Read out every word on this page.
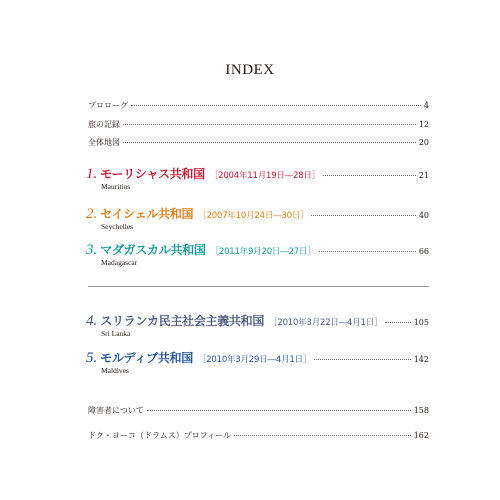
INDEX
プロローグ	4
旅の記録	12
全体地図	20
1. モーリシャス共和国 ［2004年11月19日―28日］	21
Mauritius
2. セイシェル共和国 ［2007年10月24日―30日］	40
Seychelles
3. マダガスカル共和国 ［2011年9月20日―27日］	66
Madagascar
4. スリランカ民主社会主義共和国 ［2010年3月22日―4月1日］	105
Sri Lanka
5. モルディブ共和国 ［2010年3月29日―4月1日］	142
Maldives
障害者について	158
ドク・ヨーコ（ドラムス）プロフィール	162
